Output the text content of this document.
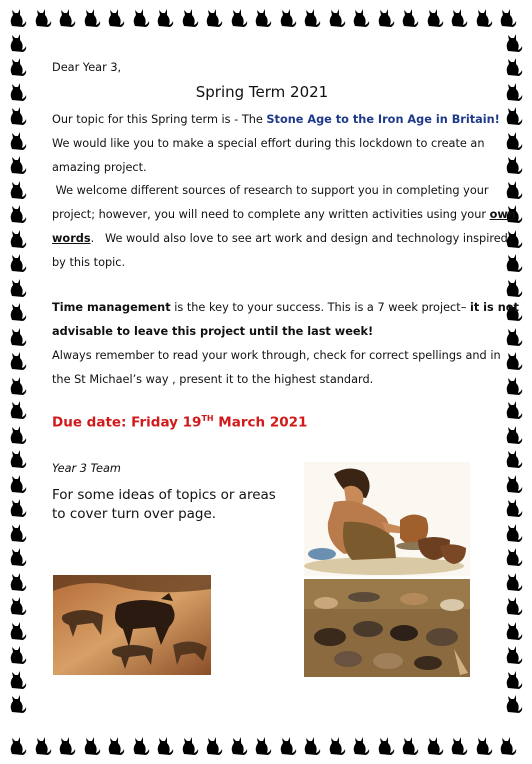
Dear Year 3,
Spring Term 2021
Our topic for this Spring term is - The Stone Age to the Iron Age in Britain!
We would like you to make a special effort during this lockdown to create an
amazing project.
We welcome different sources of research to support you in completing your
project; however, you will need to complete any written activities using your own
words.   We would also love to see art work and design and technology inspired
by this topic.
Time management is the key to your success. This is a 7 week project– it is not
advisable to leave this project until the last week!
Always remember to read your work through, check for correct spellings and in
the St Michael’s way , present it to the highest standard.
Due date: Friday 19TH March 2021
Year 3 Team
For some ideas of topics or areas to cover turn over page.
